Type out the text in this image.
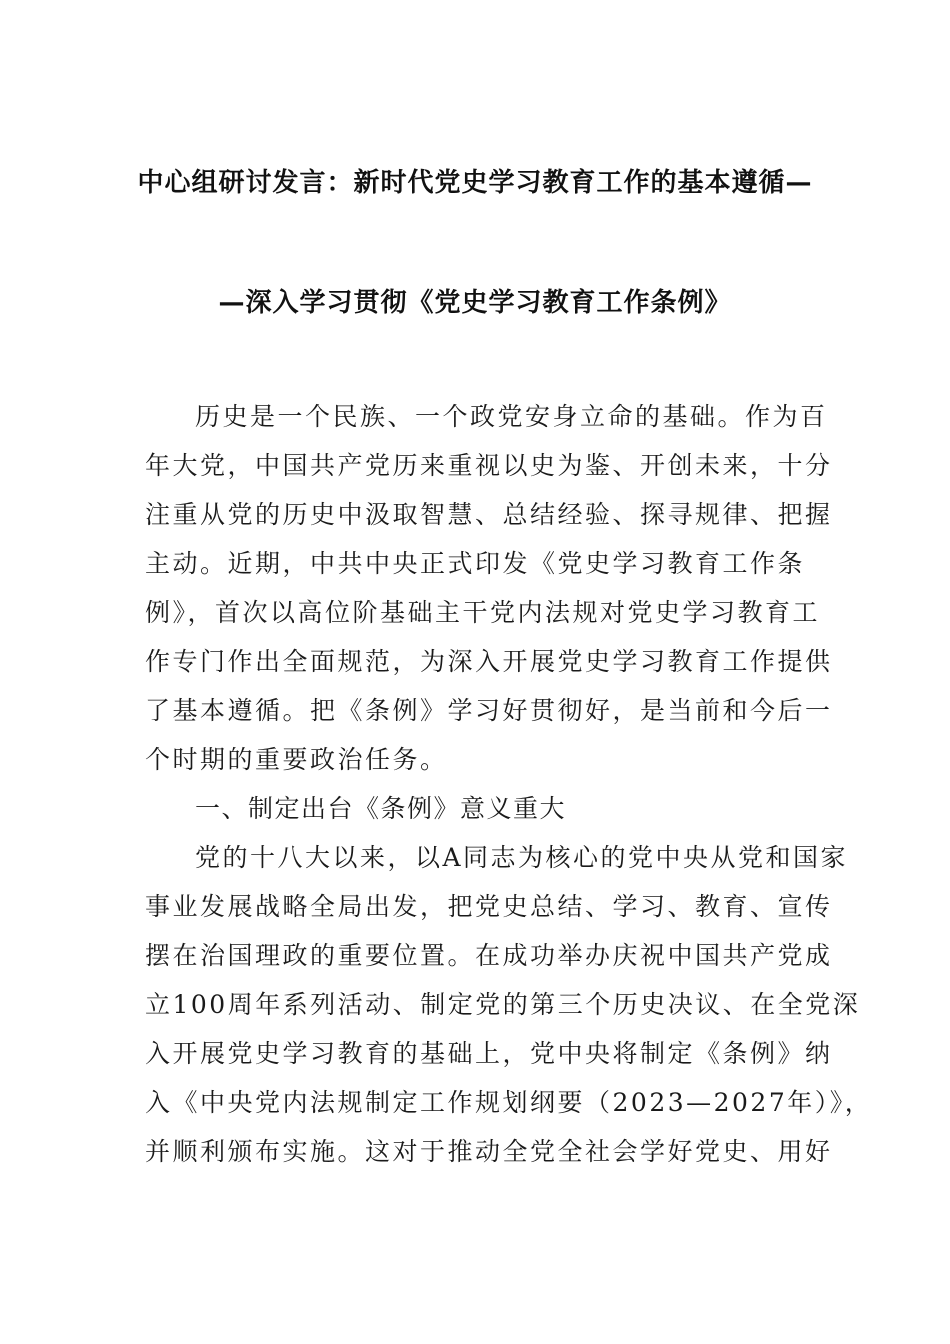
中心组研讨发言：新时代党史学习教育工作的基本遵循—
—深入学习贯彻《党史学习教育工作条例》
历史是一个民族、一个政党安身立命的基础。作为百
年大党，中国共产党历来重视以史为鉴、开创未来，十分
注重从党的历史中汲取智慧、总结经验、探寻规律、把握
主动。近期，中共中央正式印发《党史学习教育工作条
例》，首次以高位阶基础主干党内法规对党史学习教育工
作专门作出全面规范，为深入开展党史学习教育工作提供
了基本遵循。把《条例》学习好贯彻好，是当前和今后一
个时期的重要政治任务。
一、制定出台《条例》意义重大
党的十八大以来，以A同志为核心的党中央从党和国家
事业发展战略全局出发，把党史总结、学习、教育、宣传
摆在治国理政的重要位置。在成功举办庆祝中国共产党成
立100周年系列活动、制定党的第三个历史决议、在全党深
入开展党史学习教育的基础上，党中央将制定《条例》纳
入《中央党内法规制定工作规划纲要（2023—2027年）》，
并顺利颁布实施。这对于推动全党全社会学好党史、用好
